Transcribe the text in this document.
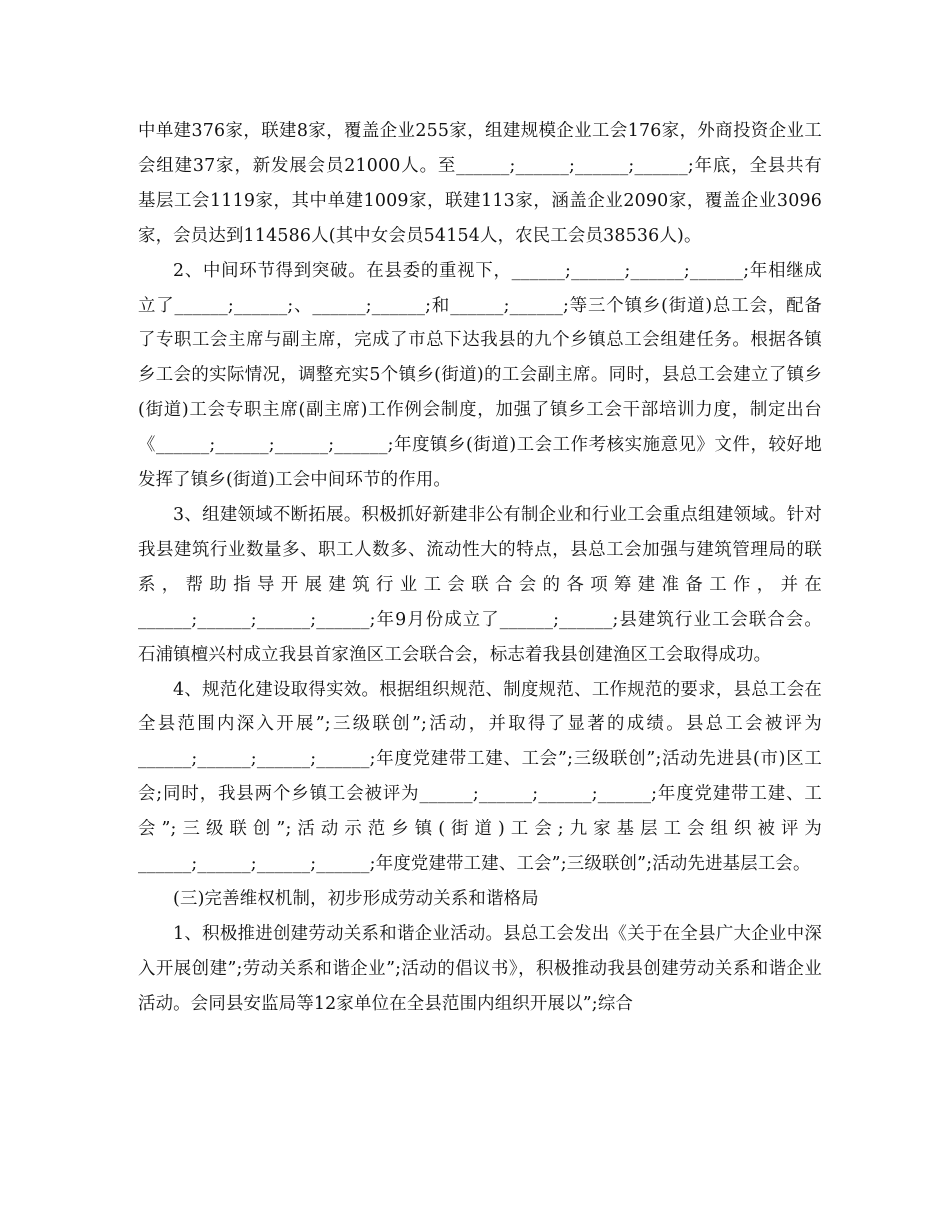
中单建376家，联建8家，覆盖企业255家，组建规模企业工会176家，外商投资企业工会组建37家，新发展会员21000人。至______;______;______;______;年底，全县共有基层工会1119家，其中单建1009家，联建113家，涵盖企业2090家，覆盖企业3096家，会员达到114586人(其中女会员54154人，农民工会员38536人)。

2、中间环节得到突破。在县委的重视下，______;______;______;______;年相继成立了______;______;、______;______;和______;______;等三个镇乡(街道)总工会，配备了专职工会主席与副主席，完成了市总下达我县的九个乡镇总工会组建任务。根据各镇乡工会的实际情况，调整充实5个镇乡(街道)的工会副主席。同时，县总工会建立了镇乡(街道)工会专职主席(副主席)工作例会制度，加强了镇乡工会干部培训力度，制定出台《______;______;______;______;年度镇乡(街道)工会工作考核实施意见》文件，较好地发挥了镇乡(街道)工会中间环节的作用。

3、组建领域不断拓展。积极抓好新建非公有制企业和行业工会重点组建领域。针对我县建筑行业数量多、职工人数多、流动性大的特点，县总工会加强与建筑管理局的联系，帮助指导开展建筑行业工会联合会的各项筹建准备工作，并在______;______;______;______;年9月份成立了______;______;县建筑行业工会联合会。石浦镇檀兴村成立我县首家渔区工会联合会，标志着我县创建渔区工会取得成功。

4、规范化建设取得实效。根据组织规范、制度规范、工作规范的要求，县总工会在全县范围内深入开展”;三级联创”;活动，并取得了显著的成绩。县总工会被评为______;______;______;______;年度党建带工建、工会”;三级联创”;活动先进县(市)区工会;同时，我县两个乡镇工会被评为______;______;______;______;年度党建带工建、工会”;三级联创”;活动示范乡镇(街道)工会;九家基层工会组织被评为______;______;______;______;年度党建带工建、工会”;三级联创”;活动先进基层工会。

(三)完善维权机制，初步形成劳动关系和谐格局

1、积极推进创建劳动关系和谐企业活动。县总工会发出《关于在全县广大企业中深入开展创建”;劳动关系和谐企业”;活动的倡议书》，积极推动我县创建劳动关系和谐企业活动。会同县安监局等12家单位在全县范围内组织开展以”;综合
